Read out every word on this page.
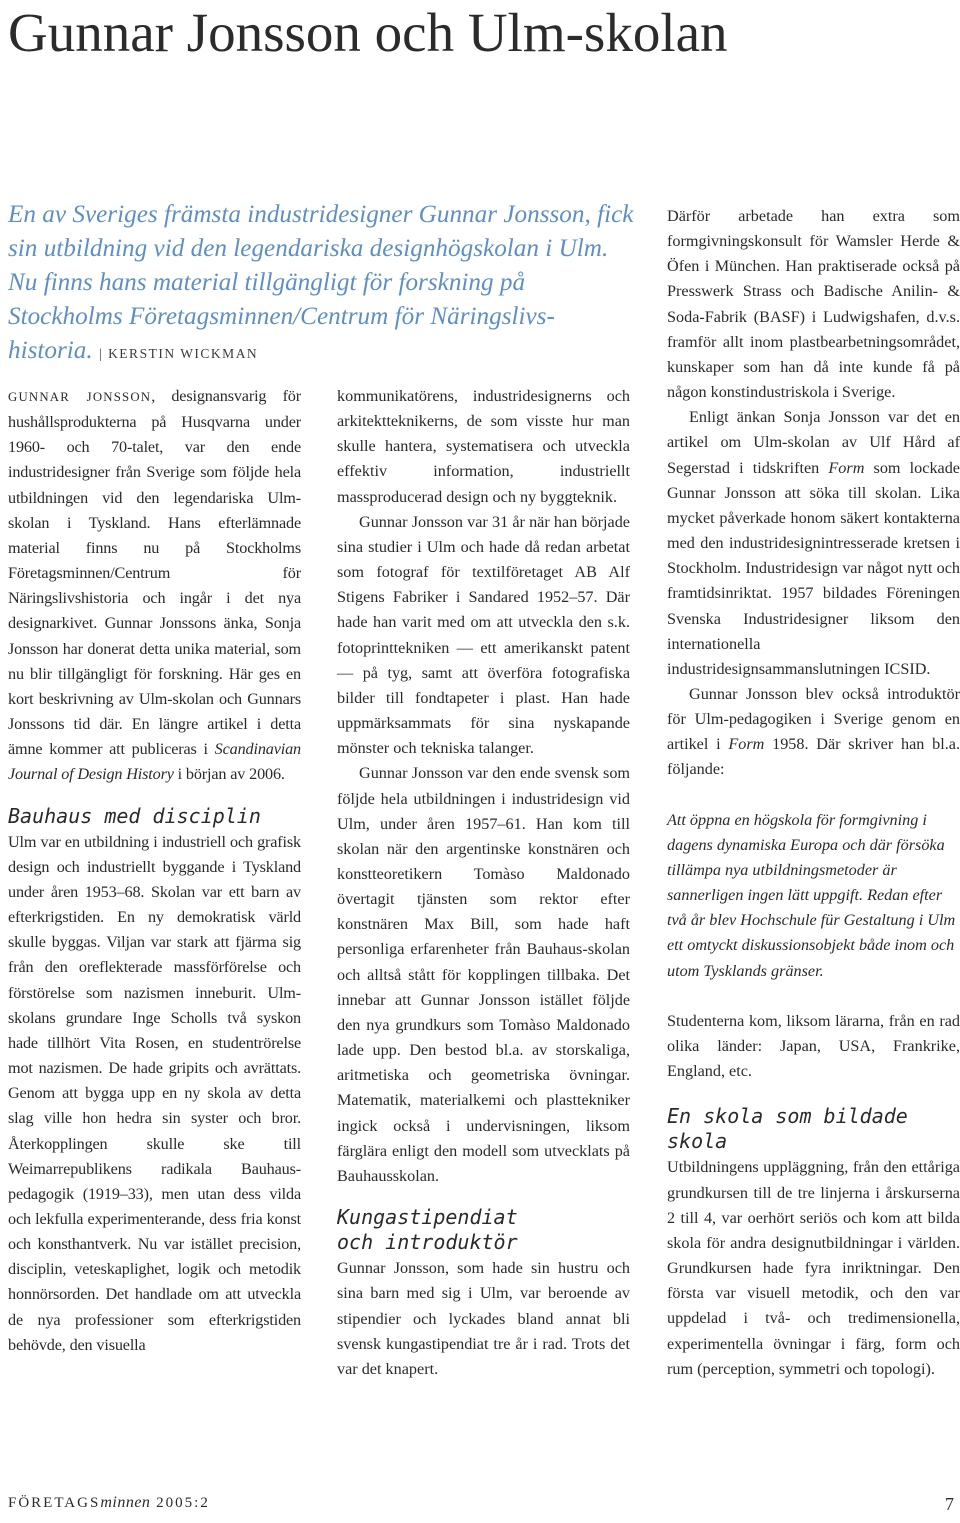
Gunnar Jonsson och Ulm-skolan

En av Sveriges främsta industridesigner Gunnar Jonsson, fick sin utbildning vid den legendariska designhögskolan i Ulm. Nu finns hans material tillgängligt för forskning på Stockholms Företagsminnen/Centrum för Näringslivs-historia. | KERSTIN WICKMAN

GUNNAR JONSSON, designansvarig för hushållsprodukterna på Husqvarna under 1960- och 70-talet, var den ende industridesigner från Sverige som följde hela utbildningen vid den legendariska Ulm-skolan i Tyskland. Hans efterlämnade material finns nu på Stockholms Företagsminnen/Centrum för Näringslivshistoria och ingår i det nya designarkivet. Gunnar Jonssons änka, Sonja Jonsson har donerat detta unika material, som nu blir tillgängligt för forskning. Här ges en kort beskrivning av Ulm-skolan och Gunnars Jonssons tid där. En längre artikel i detta ämne kommer att publiceras i Scandinavian Journal of Design History i början av 2006.

Bauhaus med disciplin

Ulm var en utbildning i industriell och grafisk design och industriellt byggande i Tyskland under åren 1953–68. Skolan var ett barn av efterkrigstiden. En ny demokratisk värld skulle byggas. Viljan var stark att fjärma sig från den oreflekterade massförförelse och förstörelse som nazismen inneburit. Ulm-skolans grundare Inge Scholls två syskon hade tillhört Vita Rosen, en studentrörelse mot nazismen. De hade gripits och avrättats. Genom att bygga upp en ny skola av detta slag ville hon hedra sin syster och bror. Återkopplingen skulle ske till Weimarrepublikens radikala Bauhaus-pedagogik (1919–33), men utan dess vilda och lekfulla experimenterande, dess fria konst och konsthantverk. Nu var istället precision, disciplin, veteskaplighet, logik och metodik honnörsorden. Det handlade om att utveckla de nya professioner som efterkrigstiden behövde, den visuella

kommunikatörens, industridesignerns och arkitektteknikerns, de som visste hur man skulle hantera, systematisera och utveckla effektiv information, industriellt massproducerad design och ny byggteknik.

Gunnar Jonsson var 31 år när han började sina studier i Ulm och hade då redan arbetat som fotograf för textilföretaget AB Alf Stigens Fabriker i Sandared 1952–57. Där hade han varit med om att utveckla den s.k. fotoprinttekniken — ett amerikanskt patent — på tyg, samt att överföra fotografiska bilder till fondtapeter i plast. Han hade uppmärksammats för sina nyskapande mönster och tekniska talanger.

Gunnar Jonsson var den ende svensk som följde hela utbildningen i industridesign vid Ulm, under åren 1957–61. Han kom till skolan när den argentinske konstnären och konstteoretikern Tomàso Maldonado övertagit tjänsten som rektor efter konstnären Max Bill, som hade haft personliga erfarenheter från Bauhaus-skolan och alltså stått för kopplingen tillbaka. Det innebar att Gunnar Jonsson istället följde den nya grundkurs som Tomàso Maldonado lade upp. Den bestod bl.a. av storskaliga, aritmetiska och geometriska övningar. Matematik, materialkemi och plasttekniker ingick också i undervisningen, liksom färglära enligt den modell som utvecklats på Bauhausskolan.

Kungastipendiat
och introduktör

Gunnar Jonsson, som hade sin hustru och sina barn med sig i Ulm, var beroende av stipendier och lyckades bland annat bli svensk kungastipendiat tre år i rad. Trots det var det knapert.

Därför arbetade han extra som formgivningskonsult för Wamsler Herde & Öfen i München. Han praktiserade också på Presswerk Strass och Badische Anilin- & Soda-Fabrik (BASF) i Ludwigshafen, d.v.s. framför allt inom plastbearbetningsområdet, kunskaper som han då inte kunde få på någon konstindustriskola i Sverige.

Enligt änkan Sonja Jonsson var det en artikel om Ulm-skolan av Ulf Hård af Segerstad i tidskriften Form som lockade Gunnar Jonsson att söka till skolan. Lika mycket påverkade honom säkert kontakterna med den industridesignintresserade kretsen i Stockholm. Industridesign var något nytt och framtidsinriktat. 1957 bildades Föreningen Svenska Industridesigner liksom den internationella industridesignsammanslutningen ICSID.

Gunnar Jonsson blev också introduktör för Ulm-pedagogiken i Sverige genom en artikel i Form 1958. Där skriver han bl.a. följande:

Att öppna en högskola för formgivning i dagens dynamiska Europa och där försöka tillämpa nya utbildningsmetoder är sannerligen ingen lätt uppgift. Redan efter två år blev Hochschule für Gestaltung i Ulm ett omtyckt diskussionsobjekt både inom och utom Tysklands gränser.

Studenterna kom, liksom lärarna, från en rad olika länder: Japan, USA, Frankrike, England, etc.

En skola som bildade skola

Utbildningens uppläggning, från den ettåriga grundkursen till de tre linjerna i årskurserna 2 till 4, var oerhört seriös och kom att bilda skola för andra designutbildningar i världen. Grundkursen hade fyra inriktningar. Den första var visuell metodik, och den var uppdelad i två- och tredimensionella, experimentella övningar i färg, form och rum (perception, symmetri och topologi).

FÖRETAGSminnen 2005:2	7
